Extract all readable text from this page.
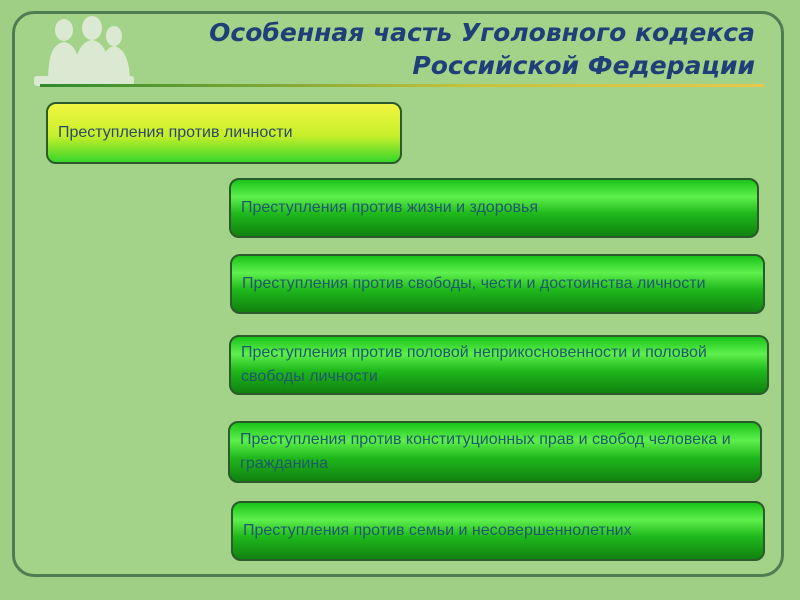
Особенная часть Уголовного кодекса
Российской Федерации
Преступления против личности
Преступления против жизни и здоровья
Преступления против свободы, чести и достоинства личности
Преступления против половой неприкосновенности и половой свободы личности
Преступления против конституционных прав и свобод человека и гражданина
Преступления против семьи и несовершеннолетних
